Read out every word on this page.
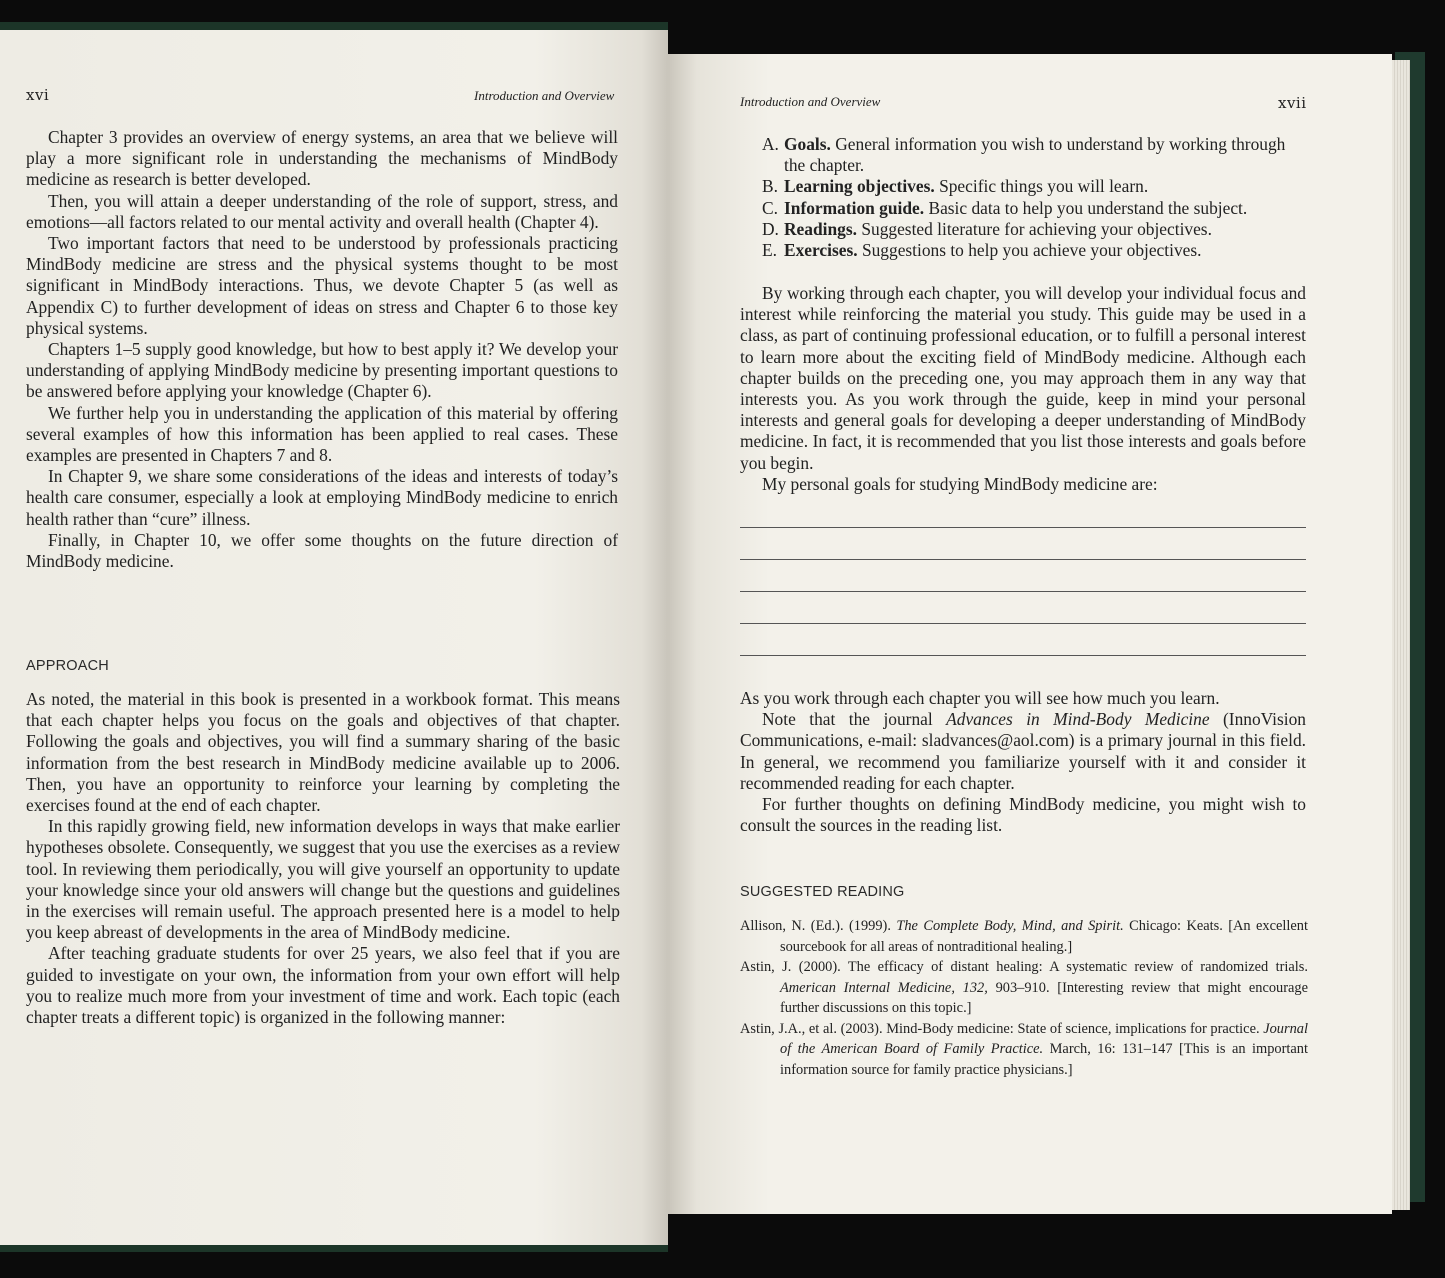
xvi	Introduction and Overview

Chapter 3 provides an overview of energy systems, an area that we believe will play a more significant role in understanding the mechanisms of MindBody medicine as research is better developed.

Then, you will attain a deeper understanding of the role of support, stress, and emotions—all factors related to our mental activity and overall health (Chapter 4).

Two important factors that need to be understood by professionals practicing MindBody medicine are stress and the physical systems thought to be most significant in MindBody interactions. Thus, we devote Chapter 5 (as well as Appendix C) to further development of ideas on stress and Chapter 6 to those key physical systems.

Chapters 1–5 supply good knowledge, but how to best apply it? We develop your understanding of applying MindBody medicine by presenting important questions to be answered before applying your knowledge (Chapter 6).

We further help you in understanding the application of this material by offering several examples of how this information has been applied to real cases. These examples are presented in Chapters 7 and 8.

In Chapter 9, we share some considerations of the ideas and interests of today’s health care consumer, especially a look at employing MindBody medicine to enrich health rather than “cure” illness.

Finally, in Chapter 10, we offer some thoughts on the future direction of MindBody medicine.

APPROACH

As noted, the material in this book is presented in a workbook format. This means that each chapter helps you focus on the goals and objectives of that chapter. Following the goals and objectives, you will find a summary sharing of the basic information from the best research in MindBody medicine available up to 2006. Then, you have an opportunity to reinforce your learning by completing the exercises found at the end of each chapter.

In this rapidly growing field, new information develops in ways that make earlier hypotheses obsolete. Consequently, we suggest that you use the exercises as a review tool. In reviewing them periodically, you will give yourself an opportunity to update your knowledge since your old answers will change but the questions and guidelines in the exercises will remain useful. The approach presented here is a model to help you keep abreast of developments in the area of MindBody medicine.

After teaching graduate students for over 25 years, we also feel that if you are guided to investigate on your own, the information from your own effort will help you to realize much more from your investment of time and work. Each topic (each chapter treats a different topic) is organized in the following manner:

Introduction and Overview	xvii
A. Goals. General information you wish to understand by working through the chapter.
B. Learning objectives. Specific things you will learn.
C. Information guide. Basic data to help you understand the subject.
D. Readings. Suggested literature for achieving your objectives.
E. Exercises. Suggestions to help you achieve your objectives.

By working through each chapter, you will develop your individual focus and interest while reinforcing the material you study. This guide may be used in a class, as part of continuing professional education, or to fulfill a personal interest to learn more about the exciting field of MindBody medicine. Although each chapter builds on the preceding one, you may approach them in any way that interests you. As you work through the guide, keep in mind your personal interests and general goals for developing a deeper understanding of MindBody medicine. In fact, it is recommended that you list those interests and goals before you begin.

My personal goals for studying MindBody medicine are:

As you work through each chapter you will see how much you learn.

Note that the journal Advances in Mind-Body Medicine (InnoVision Communications, e-mail: sladvances@aol.com) is a primary journal in this field. In general, we recommend you familiarize yourself with it and consider it recommended reading for each chapter.

For further thoughts on defining MindBody medicine, you might wish to consult the sources in the reading list.

SUGGESTED READING

Allison, N. (Ed.). (1999). The Complete Body, Mind, and Spirit. Chicago: Keats. [An excellent sourcebook for all areas of nontraditional healing.]

Astin, J. (2000). The efficacy of distant healing: A systematic review of randomized trials. American Internal Medicine, 132, 903–910. [Interesting review that might encourage further discussions on this topic.]

Astin, J.A., et al. (2003). Mind-Body medicine: State of science, implications for practice. Journal of the American Board of Family Practice. March, 16: 131–147 [This is an important information source for family practice physicians.]
